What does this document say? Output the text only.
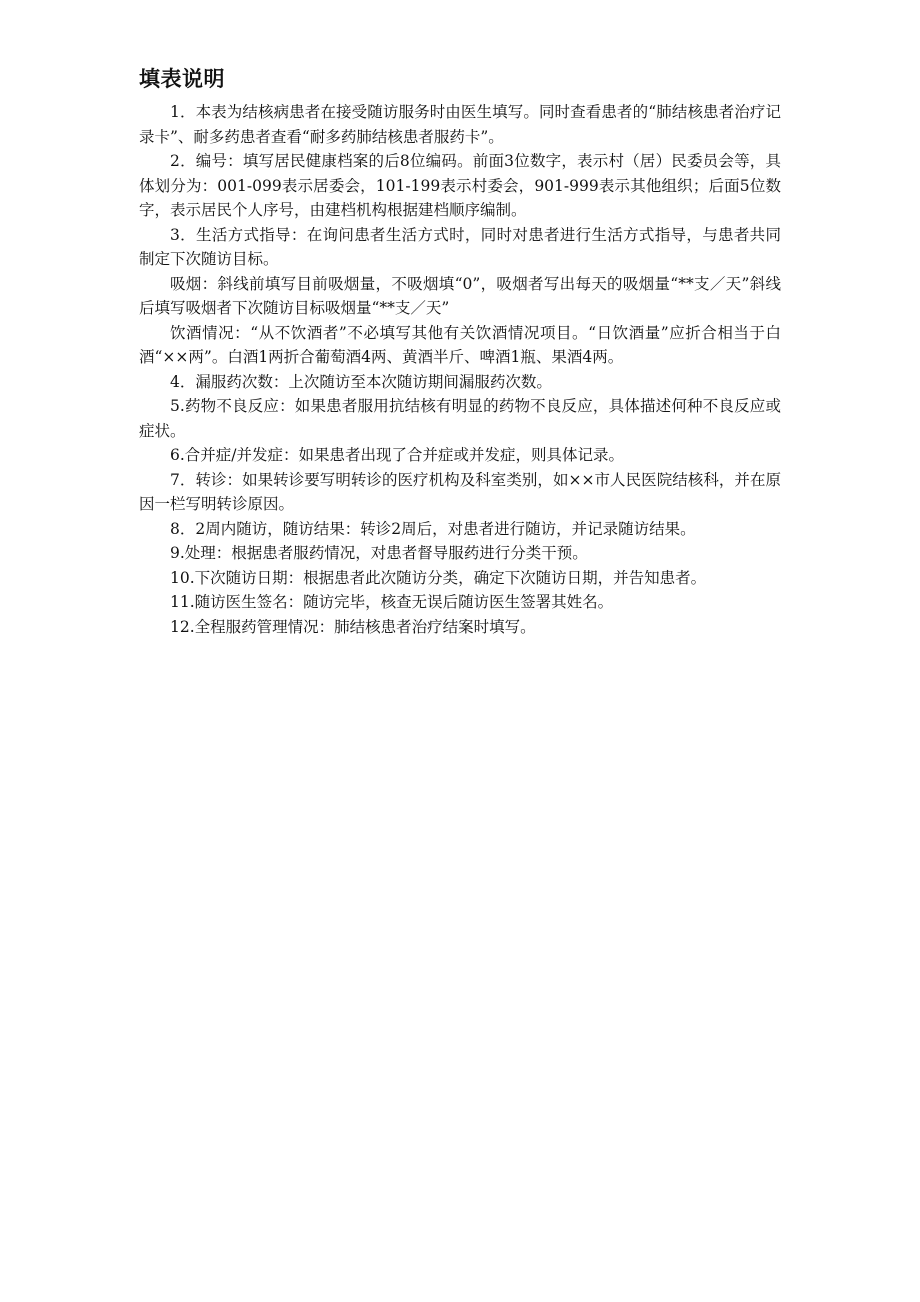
填表说明

1．本表为结核病患者在接受随访服务时由医生填写。同时查看患者的“肺结核患者治疗记录卡”、耐多药患者查看“耐多药肺结核患者服药卡”。

2．编号：填写居民健康档案的后8位编码。前面3位数字，表示村（居）民委员会等，具体划分为：001-099表示居委会，101-199表示村委会，901-999表示其他组织；后面5位数字，表示居民个人序号，由建档机构根据建档顺序编制。

3．生活方式指导：在询问患者生活方式时，同时对患者进行生活方式指导，与患者共同制定下次随访目标。

吸烟：斜线前填写目前吸烟量，不吸烟填“0”，吸烟者写出每天的吸烟量“**支／天”斜线后填写吸烟者下次随访目标吸烟量“**支／天”

饮酒情况：“从不饮酒者”不必填写其他有关饮酒情况项目。“日饮酒量”应折合相当于白酒“××两”。白酒1两折合葡萄酒4两、黄酒半斤、啤酒1瓶、果酒4两。

4．漏服药次数：上次随访至本次随访期间漏服药次数。

5.药物不良反应：如果患者服用抗结核有明显的药物不良反应，具体描述何种不良反应或症状。

6.合并症/并发症：如果患者出现了合并症或并发症，则具体记录。

7．转诊：如果转诊要写明转诊的医疗机构及科室类别，如××市人民医院结核科，并在原因一栏写明转诊原因。

8．2周内随访，随访结果：转诊2周后，对患者进行随访，并记录随访结果。

9.处理：根据患者服药情况，对患者督导服药进行分类干预。

10.下次随访日期：根据患者此次随访分类，确定下次随访日期，并告知患者。

11.随访医生签名：随访完毕，核查无误后随访医生签署其姓名。

12.全程服药管理情况：肺结核患者治疗结案时填写。
